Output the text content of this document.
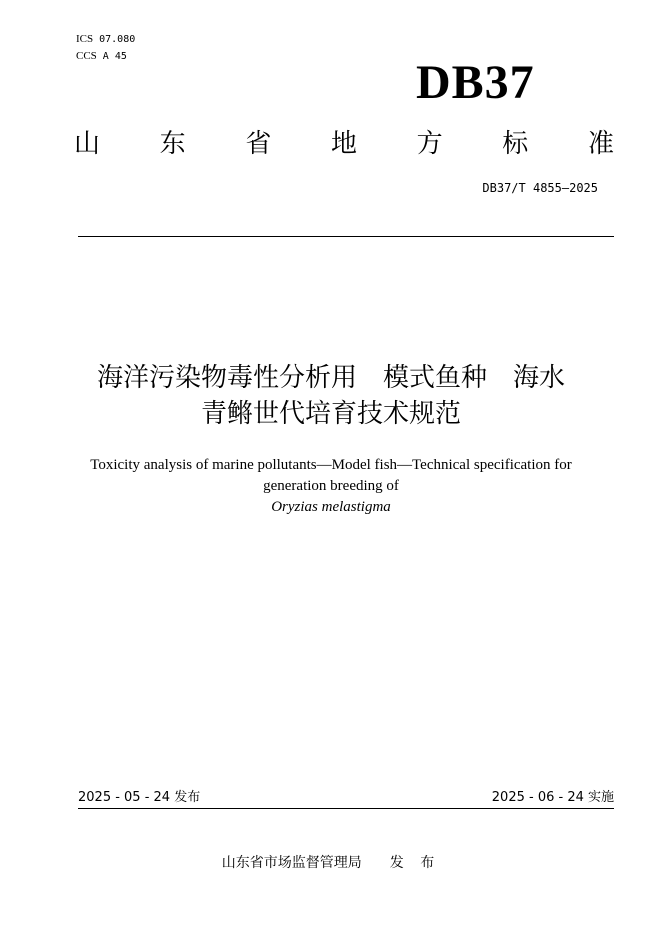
ICS 07.080
CCS A 45	DB37
山 东 省 地 方 标 准
DB37/T 4855—2025
海洋污染物毒性分析用　模式鱼种　海水
青鳉世代培育技术规范
Toxicity analysis of marine pollutants—Model fish—Technical specification for
generation breeding of
Oryzias melastigma
2025 - 05 - 24 发布	2025 - 06 - 24 实施
山东省市场监督管理局 发 布
